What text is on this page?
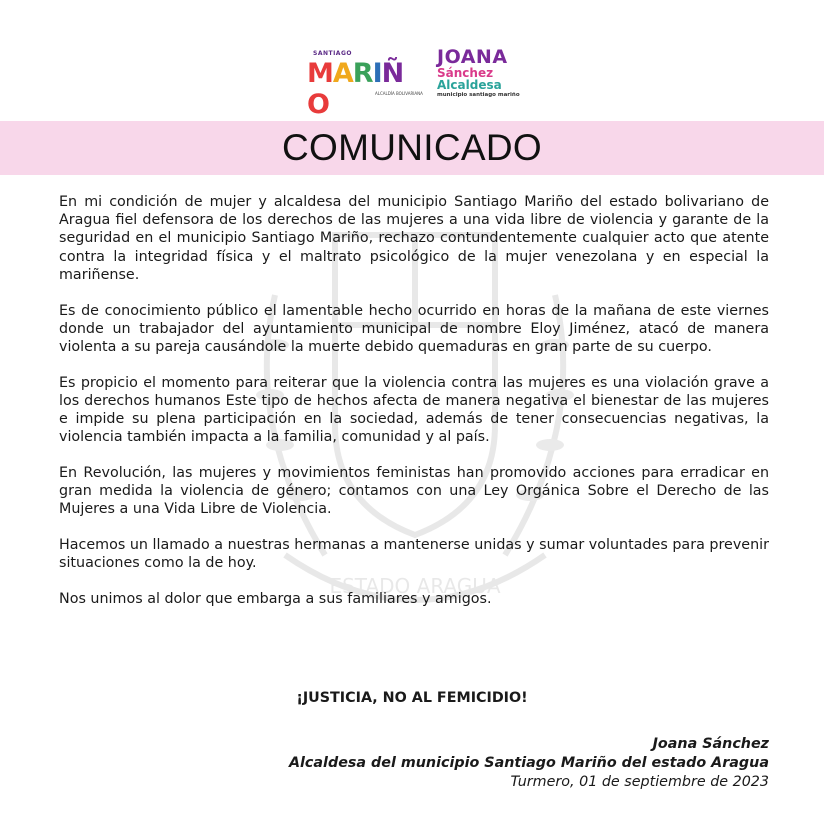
ESTADO ARAGUA
SANTIAGO
MARIÑO	ALCALDÍA BOLIVARIANA
JOANA
Sánchez
Alcaldesa
municipio santiago mariño
COMUNICADO

En mi condición de mujer y alcaldesa del municipio Santiago Mariño del estado bolivariano de Aragua fiel defensora de los derechos de las mujeres a una vida libre de violencia y garante de la seguridad en el municipio Santiago Mariño, rechazo contundentemente cualquier acto que atente contra la integridad física y el maltrato psicológico de la mujer venezolana y en especial la mariñense.

Es de conocimiento público el lamentable hecho ocurrido en horas de la mañana de este viernes donde un trabajador del ayuntamiento municipal de nombre Eloy Jiménez, atacó de manera violenta a su pareja causándole la muerte debido quemaduras en gran parte de su cuerpo.

Es propicio el momento para reiterar que la violencia contra las mujeres es una violación grave a los derechos humanos Este tipo de hechos afecta de manera negativa el bienestar de las mujeres e impide su plena participación en la sociedad, además de tener consecuencias negativas, la violencia también impacta a la familia, comunidad y al país.

En Revolución, las mujeres y movimientos feministas han promovido acciones para erradicar en gran medida la violencia de género; contamos con una Ley Orgánica Sobre el Derecho de las Mujeres a una Vida Libre de Violencia.

Hacemos un llamado a nuestras hermanas a mantenerse unidas y sumar voluntades para prevenir situaciones como la de hoy.

Nos unimos al dolor que embarga a sus familiares y amigos.

¡JUSTICIA, NO AL FEMICIDIO!
Joana Sánchez
Alcaldesa del municipio Santiago Mariño del estado Aragua
Turmero, 01 de septiembre de 2023
